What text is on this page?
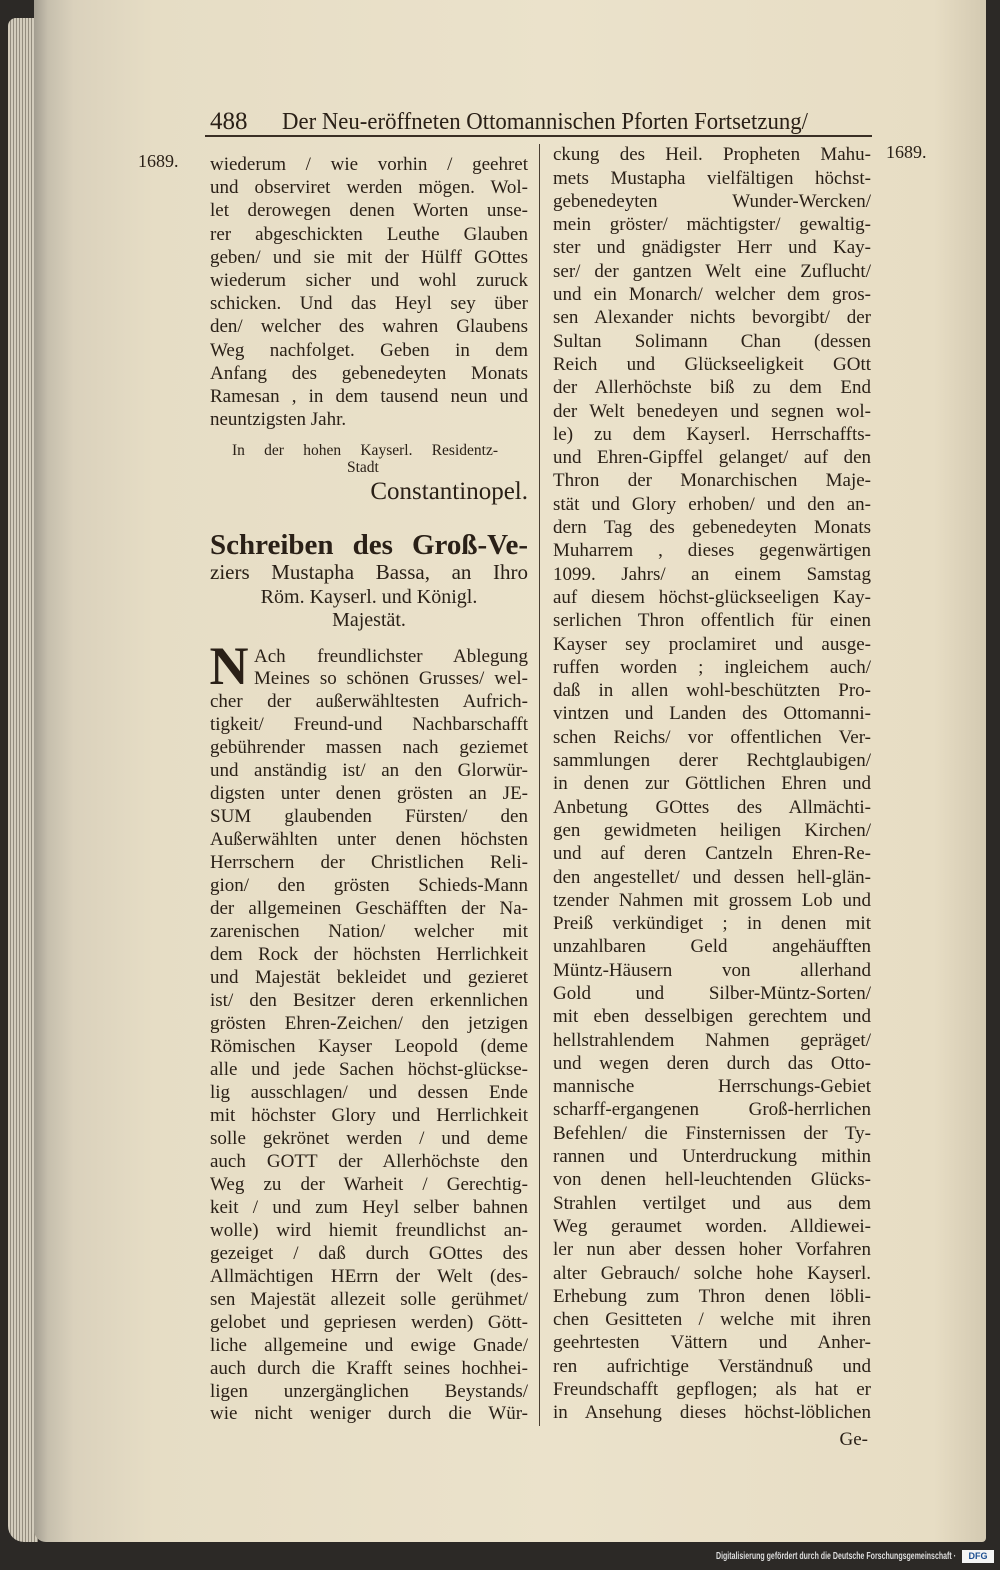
488 Der Neu-eröffneten Ottomannischen Pforten Fortsetzung/
1689.	1689.
wiederum / wie vorhin / geehret
und observiret werden mögen. Wol-
let derowegen denen Worten unse-
rer abgeschickten Leuthe Glauben
geben/ und sie mit der Hülff GOttes
wiederum sicher und wohl zuruck
schicken. Und das Heyl sey über
den/ welcher des wahren Glaubens
Weg nachfolget. Geben in dem
Anfang des gebenedeyten Monats
Ramesan , in dem tausend neun und
neuntzigsten Jahr.
In der hohen Kayserl. Residentz-
Stadt
Constantinopel.
Schreiben des Groß-Ve-
ziers Mustapha Bassa, an Ihro
Röm. Kayserl. und Königl.
Majestät.
N Ach freundlichster Ablegung
Meines so schönen Grusses/ wel-
cher der außerwähltesten Aufrich-
tigkeit/ Freund-und Nachbarschafft
gebührender massen nach geziemet
und anständig ist/ an den Glorwür-
digsten unter denen grösten an JE-
SUM glaubenden Fürsten/ den
Außerwählten unter denen höchsten
Herrschern der Christlichen Reli-
gion/ den grösten Schieds-Mann
der allgemeinen Geschäfften der Na-
zarenischen Nation/ welcher mit
dem Rock der höchsten Herrlichkeit
und Majestät bekleidet und gezieret
ist/ den Besitzer deren erkennlichen
grösten Ehren-Zeichen/ den jetzigen
Römischen Kayser Leopold (deme
alle und jede Sachen höchst-glückse-
lig ausschlagen/ und dessen Ende
mit höchster Glory und Herrlichkeit
solle gekrönet werden / und deme
auch GOTT der Allerhöchste den
Weg zu der Warheit / Gerechtig-
keit / und zum Heyl selber bahnen
wolle) wird hiemit freundlichst an-
gezeiget / daß durch GOttes des
Allmächtigen HErrn der Welt (des-
sen Majestät allezeit solle gerühmet/
gelobet und gepriesen werden) Gött-
liche allgemeine und ewige Gnade/
auch durch die Krafft seines hochhei-
ligen unzergänglichen Beystands/
wie nicht weniger durch die Wür-
ckung des Heil. Propheten Mahu-
mets Mustapha vielfältigen höchst-
gebenedeyten Wunder-Wercken/
mein gröster/ mächtigster/ gewaltig-
ster und gnädigster Herr und Kay-
ser/ der gantzen Welt eine Zuflucht/
und ein Monarch/ welcher dem gros-
sen Alexander nichts bevorgibt/ der
Sultan Solimann Chan (dessen
Reich und Glückseeligkeit GOtt
der Allerhöchste biß zu dem End
der Welt benedeyen und segnen wol-
le) zu dem Kayserl. Herrschaffts-
und Ehren-Gipffel gelanget/ auf den
Thron der Monarchischen Maje-
stät und Glory erhoben/ und den an-
dern Tag des gebenedeyten Monats
Muharrem , dieses gegenwärtigen
1099. Jahrs/ an einem Samstag
auf diesem höchst-glückseeligen Kay-
serlichen Thron offentlich für einen
Kayser sey proclamiret und ausge-
ruffen worden ; ingleichem auch/
daß in allen wohl-beschützten Pro-
vintzen und Landen des Ottomanni-
schen Reichs/ vor offentlichen Ver-
sammlungen derer Rechtglaubigen/
in denen zur Göttlichen Ehren und
Anbetung GOttes des Allmächti-
gen gewidmeten heiligen Kirchen/
und auf deren Cantzeln Ehren-Re-
den angestellet/ und dessen hell-glän-
tzender Nahmen mit grossem Lob und
Preiß verkündiget ; in denen mit
unzahlbaren Geld angehäufften
Müntz-Häusern von allerhand
Gold und Silber-Müntz-Sorten/
mit eben desselbigen gerechtem und
hellstrahlendem Nahmen gepräget/
und wegen deren durch das Otto-
mannische Herrschungs-Gebiet
scharff-ergangenen Groß-herrlichen
Befehlen/ die Finsternissen der Ty-
rannen und Unterdruckung mithin
von denen hell-leuchtenden Glücks-
Strahlen vertilget und aus dem
Weg geraumet worden. Alldiewei-
ler nun aber dessen hoher Vorfahren
alter Gebrauch/ solche hohe Kayserl.
Erhebung zum Thron denen löbli-
chen Gesitteten / welche mit ihren
geehrtesten Vättern und Anher-
ren aufrichtige Verständnuß und
Freundschafft gepflogen; als hat er
in Ansehung dieses höchst-löblichen
Ge-
Digitalisierung gefördert durch die Deutsche Forschungsgemeinschaft ·	DFG
